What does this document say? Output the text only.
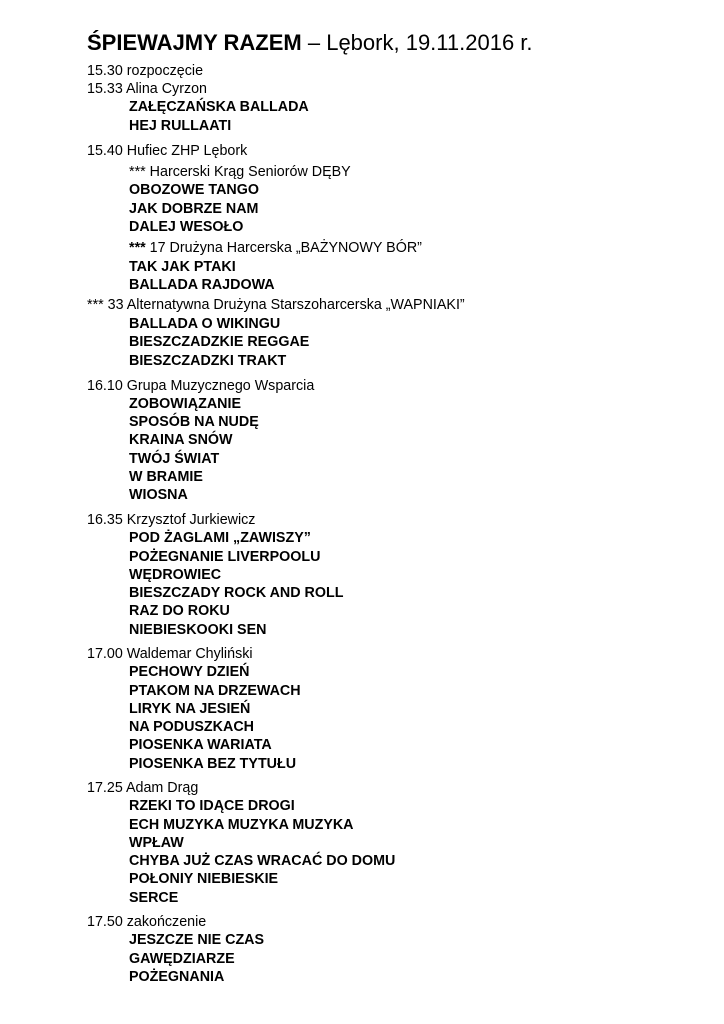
ŚPIEWAJMY RAZEM – Lębork, 19.11.2016 r.
15.30 rozpoczęcie
15.33 Alina Cyrzon
ZAŁĘCZAŃSKA BALLADA
HEJ RULLAATI
15.40 Hufiec ZHP Lębork
*** Harcerski Krąg Seniorów DĘBY
OBOZOWE TANGO
JAK DOBRZE NAM
DALEJ WESOŁO
*** 17 Drużyna Harcerska „BAŻYNOWY BÓR”
TAK JAK PTAKI
BALLADA RAJDOWA
*** 33 Alternatywna Drużyna Starszoharcerska „WAPNIAKI”
BALLADA O WIKINGU
BIESZCZADZKIE REGGAE
BIESZCZADZKI TRAKT
16.10 Grupa Muzycznego Wsparcia
ZOBOWIĄZANIE
SPOSÓB NA NUDĘ
KRAINA SNÓW
TWÓJ ŚWIAT
W BRAMIE
WIOSNA
16.35 Krzysztof Jurkiewicz
POD ŻAGLAMI „ZAWISZY”
POŻEGNANIE LIVERPOOLU
WĘDROWIEC
BIESZCZADY ROCK AND ROLL
RAZ DO ROKU
NIEBIESKOOKI SEN
17.00 Waldemar Chyliński
PECHOWY DZIEŃ
PTAKOM NA DRZEWACH
LIRYK NA JESIEŃ
NA PODUSZKACH
PIOSENKA WARIATA
PIOSENKA BEZ TYTUŁU
17.25 Adam Drąg
RZEKI TO IDĄCE DROGI
ECH MUZYKA MUZYKA MUZYKA
WPŁAW
CHYBA JUŻ CZAS WRACAĆ DO DOMU
POŁONIY NIEBIESKIE
SERCE
17.50 zakończenie
JESZCZE NIE CZAS
GAWĘDZIARZE
POŻEGNANIA
